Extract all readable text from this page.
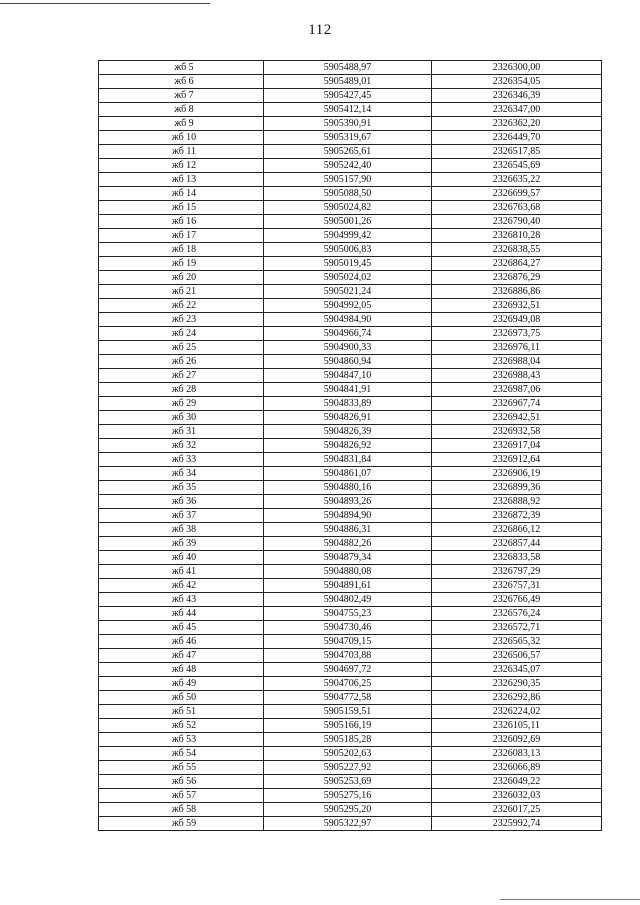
112
жб 5	5905488,97	2326300,00
жб 6	5905489,01	2326354,05
жб 7	5905427,45	2326346,39
жб 8	5905412,14	2326347,00
жб 9	5905390,91	2326362,20
жб 10	5905319,67	2326449,70
жб 11	5905265,61	2326517,85
жб 12	5905242,40	2326545,69
жб 13	5905157,90	2326635,22
жб 14	5905088,50	2326699,57
жб 15	5905024,82	2326763,68
жб 16	5905001,26	2326790,40
жб 17	5904999,42	2326810,28
жб 18	5905006,83	2326838,55
жб 19	5905019,45	2326864,27
жб 20	5905024,02	2326876,29
жб 21	5905021,24	2326886,86
жб 22	5904992,05	2326932,51
жб 23	5904984,90	2326949,08
жб 24	5904966,74	2326973,75
жб 25	5904900,33	2326976,11
жб 26	5904860,94	2326988,04
жб 27	5904847,10	2326988,43
жб 28	5904841,91	2326987,06
жб 29	5904833,89	2326967,74
жб 30	5904826,91	2326942,51
жб 31	5904826,39	2326932,58
жб 32	5904826,92	2326917,04
жб 33	5904831,84	2326912,64
жб 34	5904861,07	2326906,19
жб 35	5904880,16	2326899,36
жб 36	5904893,26	2326888,92
жб 37	5904894,90	2326872,39
жб 38	5904886,31	2326866,12
жб 39	5904882,26	2326857,44
жб 40	5904879,34	2326833,58
жб 41	5904880,08	2326797,29
жб 42	5904891,61	2326757,31
жб 43	5904802,49	2326766,49
жб 44	5904755,23	2326576,24
жб 45	5904730,46	2326572,71
жб 46	5904709,15	2326565,32
жб 47	5904703,88	2326506,57
жб 48	5904697,72	2326345,07
жб 49	5904706,25	2326290,35
жб 50	5904772,58	2326292,86
жб 51	5905159,51	2326224,02
жб 52	5905166,19	2326105,11
жб 53	5905185,28	2326092,69
жб 54	5905202,63	2326083,13
жб 55	5905227,92	2326066,89
жб 56	5905253,69	2326049,22
жб 57	5905275,16	2326032,03
жб 58	5905295,20	2326017,25
жб 59	5905322,97	2325992,74
